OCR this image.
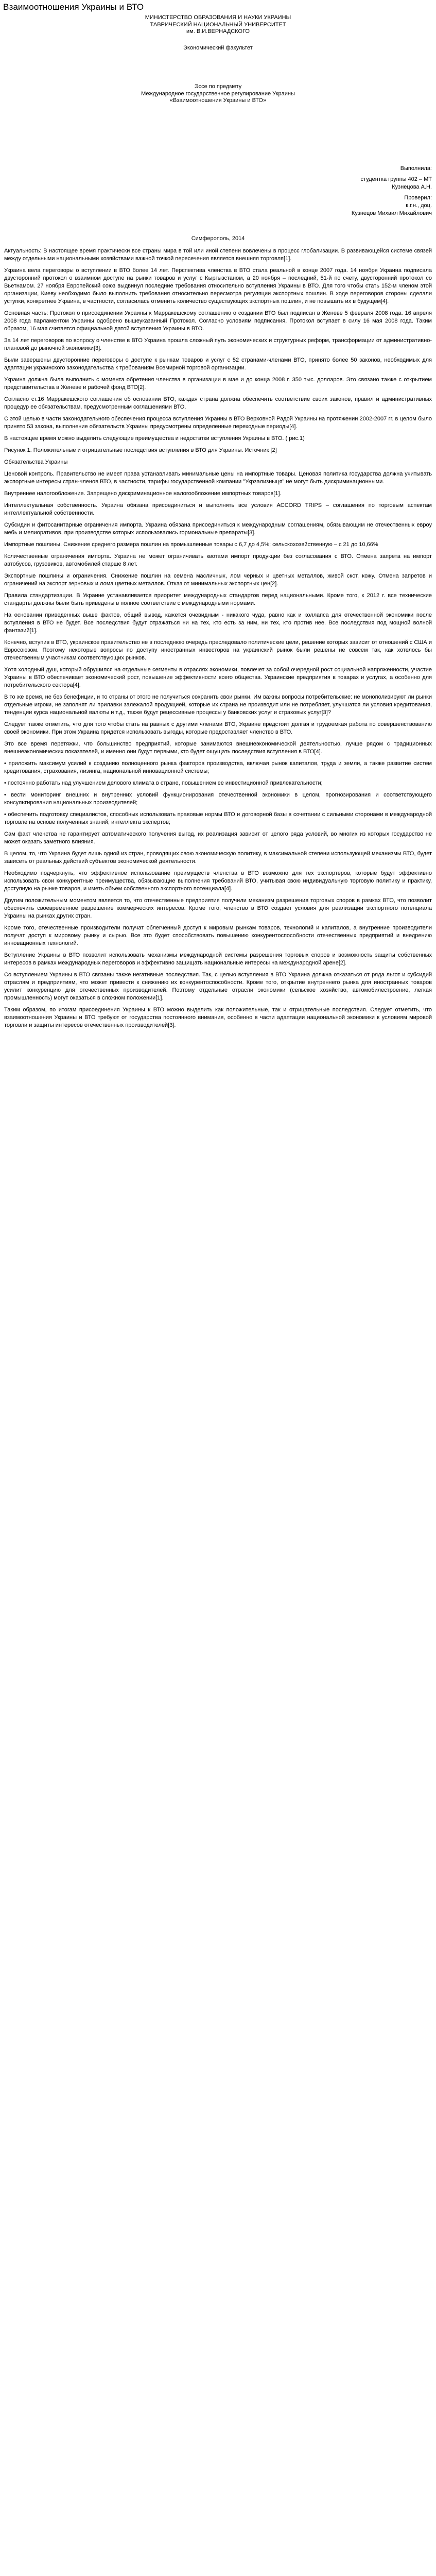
Взаимоотношения Украины и ВТО
МИНИСТЕРСТВО ОБРАЗОВАНИЯ И НАУКИ УКРАИНЫ
ТАВРИЧЕСКИЙ НАЦИОНАЛЬНЫЙ УНИВЕРСИТЕТ
им. В.И.ВЕРНАДСКОГО
Экономический факультет
Эссе по предмету
Международное государственное регулирование Украины
«Взаимоотношения Украины и ВТО»
Выполнила:
студентка группы 402 – МТ
Кузнецова А.Н.
Проверил:
к.г.н., доц.
Кузнецов Михаил Михайлович
Симферополь, 2014

Актуальность: В настоящее время практически все страны мира в той или иной степени вовлечены в процесс глобализации. В развивающейся системе связей между отдельными национальными хозяйствами важной точкой пересечения является внешняя торговля[1].

Украина вела переговоры о вступлении в ВТО более 14 лет. Перспектива членства в ВТО стала реальной в конце 2007 года. 14 ноября Украина подписала двусторонний протокол о взаимном доступе на рынки товаров и услуг с Кыргызстаном, а 20 ноября – последний, 51-й по счету, двусторонний протокол со Вьетнамом. 27 ноября Европейский союз выдвинул последние требования относительно вступления Украины в ВТО. Для того чтобы стать 152-м членом этой организации, Киеву необходимо было выполнить требования относительно пересмотра регуляции экспортных пошлин. В ходе переговоров стороны сделали уступки, конкретнее Украина, в частности, согласилась отменить количество существующих экспортных пошлин, и не повышать их в будущем[4].

Основная часть: Протокол о присоединении Украины к Марракешскому соглашению о создании ВТО был подписан в Женеве 5 февраля 2008 года. 16 апреля 2008 года парламентом Украины одобрено вышеуказанный Протокол. Согласно условиям подписания, Протокол вступает в силу 16 мая 2008 года. Таким образом, 16 мая считается официальной датой вступления Украины в ВТО.

За 14 лет переговоров по вопросу о членстве в ВТО Украина прошла сложный путь экономических и структурных реформ, трансформации от административно-плановой до рыночной экономики[3].

Были завершены двусторонние переговоры о доступе к рынкам товаров и услуг с 52 странами-членами ВТО, принято более 50 законов, необходимых для адаптации украинского законодательства к требованиям Всемирной торговой организации.

Украина должна была выполнить с момента обретения членства в организации в мае и до конца 2008 г. 350 тыс. долларов. Это связано также с открытием представительства в Женеве и рабочей фонд ВТО[2].

Согласно ст.16 Марракешского соглашения об основании ВТО, каждая страна должна обеспечить соответствие своих законов, правил и административных процедур ее обязательствам, предусмотренным соглашениями ВТО.

С этой целью в части законодательного обеспечения процесса вступления Украины в ВТО Верховной Радой Украины на протяжении 2002-2007 гг. в целом было принято 53 закона, выполнение обязательств Украины предусмотрены определенные переходные периоды[4].

В настоящее время можно выделить следующие преимущества и недостатки вступления Украины в ВТО. ( рис.1)

Рисунок 1. Положительные и отрицательные последствия вступления в ВТО для Украины. Источник [2]

Обязательства Украины

Ценовой контроль. Правительство не имеет права устанавливать минимальные цены на импортные товары. Ценовая политика государства должна учитывать экспортные интересы стран-членов ВТО, в частности, тарифы государственной компании "Укрзализныця" не могут быть дискриминационными.

Внутреннее налогообложение. Запрещено дискриминационное налогообложение импортных товаров[1].

Интеллектуальная собственность. Украина обязана присоединиться и выполнять все условия ACCORD TRIPS – соглашения по торговым аспектам интеллектуальной собственности.

Субсидии и фитосанитарные ограничения импорта. Украина обязана присоединиться к международным соглашениям, обязывающим не отечественных евроу мебь и мелиоративов, при производстве которых использовались гормональные препараты[3].

Импортные пошлины. Снижение среднего размера пошлин на промышленные товары с 6,7 до 4,5%; сельскохозяйственную – с 21 до 10,66%

Количественные ограничения импорта. Украина не может ограничивать квотами импорт продукции без согласования с ВТО. Отмена запрета на импорт автобусов, грузовиков, автомобилей старше 8 лет.

Экспортные пошлины и ограничения. Снижение пошлин на семена масличных, лом черных и цветных металлов, живой скот, кожу. Отмена запретов и ограничений на экспорт зерновых и лома цветных металлов. Отказ от минимальных экспортных цен[2].

Правила стандартизации. В Украине устанавливается приоритет международных стандартов перед национальными. Кроме того, к 2012 г. все технические стандарты должны были быть приведены в полное соответствие с международными нормами.

На основании приведенных выше фактов, общий вывод, кажется очевидным - никакого чуда, равно как и коллапса для отечественной экономики после вступления в ВТО не будет. Все последствия будут отражаться ни на тех, кто есть за ним, ни тех, кто против нее. Все последствия под мощной волной фантазий[1].

Конечно, вступив в ВТО, украинское правительство не в последнюю очередь преследовало политические цели, решение которых зависит от отношений с США и Евросоюзом. Поэтому некоторые вопросы по доступу иностранных инвесторов на украинский рынок были решены не совсем так, как хотелось бы отечественным участникам соответствующих рынков.

Хотя холодный душ, который обрушился на отдельные сегменты в отраслях экономики, повлечет за собой очередной рост социальной напряженности, участие Украины в ВТО обеспечивает экономический рост, повышение эффективности всего общества. Украинские предприятия в товарах и услугах, а особенно для потребительского сектора[4].

В то же время, не без бенефиции, и то страны от этого не получиться сохранить свои рынки. Им важны вопросы потребительские: не монополизируют ли рынки отдельные игроки, не заполнят ли прилавки залежалой продукцией, которые их страна не производит или не потребляет, улучшатся ли условия кредитования, тенденции курса национальной валюты и т.д., также будут рецессивные процессы у банковских услуг и страховых услуг[3]?

Следует также отметить, что для того чтобы стать на равных с другими членами ВТО, Украине предстоит долгая и трудоемкая работа по совершенствованию своей экономики. При этом Украина придется использовать выгоды, которые предоставляет членство в ВТО.

Это все время перетяжки, что большинство предприятий, которые занимаются внешнеэкономической деятельностью, лучше рядом с традиционных внешнеэкономических показателей, и именно они будут первыми, кто будет ощущать последствия вступления в ВТО[4].

• приложить максимум усилий к созданию полноценного рынка факторов производства, включая рынок капиталов, труда и земли, а также развитие систем кредитования, страхования, лизинга, национальной инновационной системы;

• постоянно работать над улучшением делового климата в стране, повышением ее инвестиционной привлекательности;

• вести мониторинг внешних и внутренних условий функционирования отечественной экономики в целом, прогнозирования и соответствующего консультирования национальных производителей;

• обеспечить подготовку специалистов, способных использовать правовые нормы ВТО и договорной базы в сочетании с сильными сторонами в международной торговле на основе полученных знаний; интеллекта экспертов;

Сам факт членства не гарантирует автоматического получения выгод, их реализация зависит от целого ряда условий, во многих из которых государство не может оказать заметного влияния.

В целом, то, что Украина будет лишь одной из стран, проводящих свою экономическую политику, в максимальной степени использующей механизмы ВТО, будет зависеть от реальных действий субъектов экономической деятельности.

Необходимо подчеркнуть, что эффективное использование преимуществ членства в ВТО возможно для тех экспортеров, которые будут эффективно использовать свои конкурентные преимущества, обязывающие выполнения требований ВТО, учитывая свою индивидуальную торговую политику и практику, доступную на рынке товаров, и иметь объем собственного экспортного потенциала[4].

Другим положительным моментом является то, что отечественные предприятия получили механизм разрешения торговых споров в рамках ВТО, что позволит обеспечить своевременное разрешение коммерческих интересов. Кроме того, членство в ВТО создает условия для реализации экспортного потенциала Украины на рынках других стран.

Кроме того, отечественные производители получат облегченный доступ к мировым рынкам товаров, технологий и капиталов, а внутренние производители получат доступ к мировому рынку и сырью. Все это будет способствовать повышению конкурентоспособности отечественных предприятий и внедрению инновационных технологий.

Вступление Украины в ВТО позволит использовать механизмы международной системы разрешения торговых споров и возможность защиты собственных интересов в рамках международных переговоров и эффективно защищать национальные интересы на международной арене[2].

Со вступлением Украины в ВТО связаны также негативные последствия. Так, с целью вступления в ВТО Украина должна отказаться от ряда льгот и субсидий отраслям и предприятиям, что может привести к снижению их конкурентоспособности. Кроме того, открытие внутреннего рынка для иностранных товаров усилит конкуренцию для отечественных производителей. Поэтому отдельные отрасли экономики (сельское хозяйство, автомобилестроение, легкая промышленность) могут оказаться в сложном положении[1].

Таким образом, по итогам присоединения Украины к ВТО можно выделить как положительные, так и отрицательные последствия. Следует отметить, что взаимоотношения Украины и ВТО требуют от государства постоянного внимания, особенно в части адаптации национальной экономики к условиям мировой торговли и защиты интересов отечественных производителей[3].
